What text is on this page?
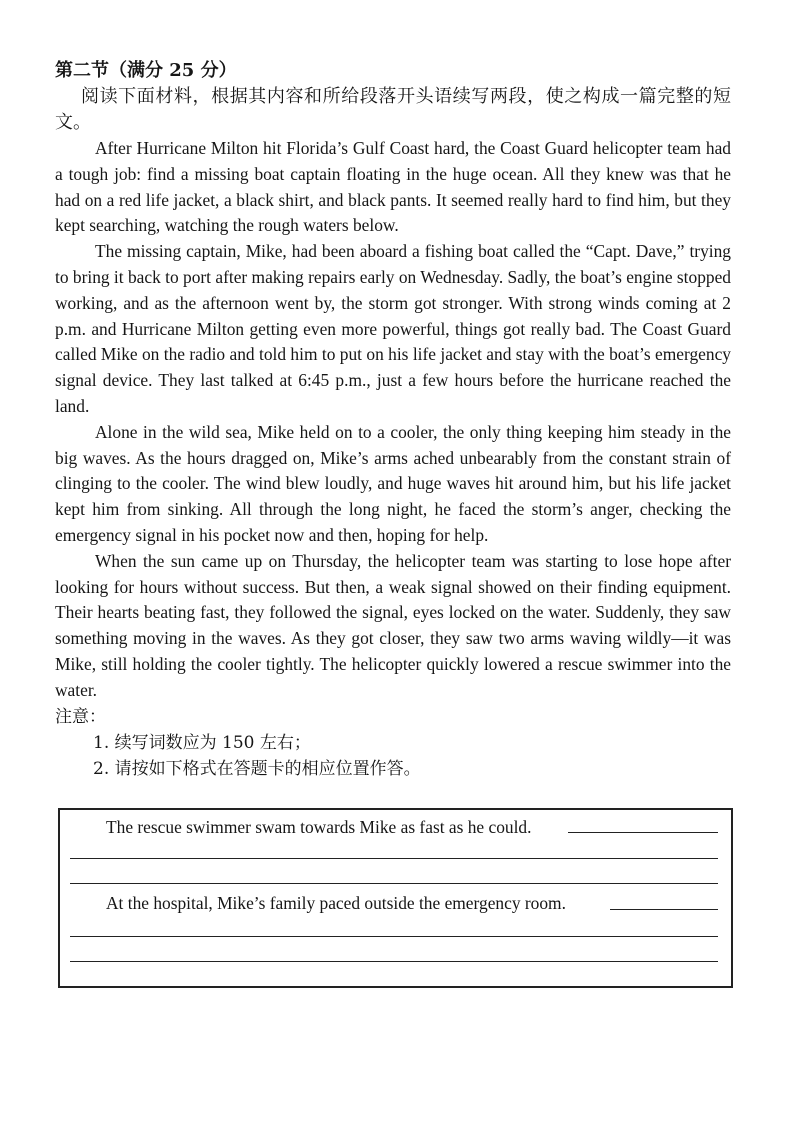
第二节（满分 25 分）

阅读下面材料，根据其内容和所给段落开头语续写两段，使之构成一篇完整的短文。

After Hurricane Milton hit Florida’s Gulf Coast hard, the Coast Guard helicopter team had a tough job: find a missing boat captain floating in the huge ocean. All they knew was that he had on a red life jacket, a black shirt, and black pants. It seemed really hard to find him, but they kept searching, watching the rough waters below.

The missing captain, Mike, had been aboard a fishing boat called the “Capt. Dave,” trying to bring it back to port after making repairs early on Wednesday. Sadly, the boat’s engine stopped working, and as the afternoon went by, the storm got stronger. With strong winds coming at 2 p.m. and Hurricane Milton getting even more powerful, things got really bad. The Coast Guard called Mike on the radio and told him to put on his life jacket and stay with the boat’s emergency signal device. They last talked at 6:45 p.m., just a few hours before the hurricane reached the land.

Alone in the wild sea, Mike held on to a cooler, the only thing keeping him steady in the big waves. As the hours dragged on, Mike’s arms ached unbearably from the constant strain of clinging to the cooler. The wind blew loudly, and huge waves hit around him, but his life jacket kept him from sinking. All through the long night, he faced the storm’s anger, checking the emergency signal in his pocket now and then, hoping for help.

When the sun came up on Thursday, the helicopter team was starting to lose hope after looking for hours without success. But then, a weak signal showed on their finding equipment. Their hearts beating fast, they followed the signal, eyes locked on the water. Suddenly, they saw something moving in the waves. As they got closer, they saw two arms waving wildly—it was Mike, still holding the cooler tightly. The helicopter quickly lowered a rescue swimmer into the water.

注意：

1. 续写词数应为 150 左右；

2. 请按如下格式在答题卡的相应位置作答。

The rescue swimmer swam towards Mike as fast as he could.
At the hospital, Mike’s family paced outside the emergency room.
